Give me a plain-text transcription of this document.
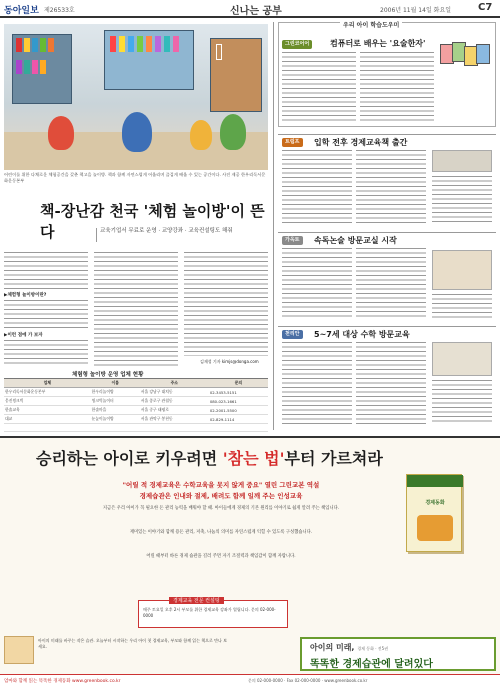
동아일보 제26533호	신나는 공부	2006년 11월 14일 화요일	C7
어린이를 위한 다채로운 체험공간을 갖춘 책고을 놀이방. 책과 함께 자연스럽게 어울리며 즐겁게 배울 수 있는 공간이다. 사진 제공 한우리독서문화운동본부
책-장난감 천국 '체험 놀이방'이 뜬다	교육기업서 무료로 운영 · 교양강좌 · 교육컨설팅도 해줘
▶체험형 놀이방이란?
▶이런 점에 가 보자
김재성 기자 kimjs@donga.com
체험형 놀이방 운영 업체 현황
업체	이름	주소	문의
한우리독서문화운동본부	한우리놀이방	서울 강남구 대치동	02-3453-5151
웅진씽크빅	씽크빅놀이터	서울 종로구 관철동	080-023-1661
한솔교육	한솔마을	서울 중구 태평로	02-2001-5500
대교	눈높이놀이방	서울 관악구 봉천동	02-829-1114

우리 아이 학습도우미
그린코어어	컴퓨터로 배우는 '요술한자'
트럼프	입학 전후 경제교육책 출간
가옥토	속독논술 방문교실 시작
천리안	5~7세 대상 수학 방문교육
승리하는 아이로 키우려면 '참는 법'부터 가르쳐라
"어릴 적 경제교육은 수학교육을 못지 않게 중요" 열린 그린교본 역설
경제습관은 인내와 절제, 배려도 함께 일깨 주는 인성교육
지금은 우리 아이가 꼭 필요한 돈 관리 능력을 배워야 할 때. 아이들에게 경제의 기본 원리를 이야기로 쉽게 알려 주는 책입니다.
재미있는 이야기와 함께 용돈 관리, 저축, 나눔의 의미를 자연스럽게 익힐 수 있도록 구성했습니다.
어릴 때부터 바른 경제 습관을 길러 주면 자기 조절력과 책임감이 함께 자랍니다.
경제동화
경제교육 전문 컨설팅
매주 토요일 오후 2시 부모를 위한 경제교육 강좌가 열립니다. 문의 02-000-0000
아이의 미래를 바꾸는 작은 습관. 오늘부터 시작하는 우리 아이 첫 경제교육, 부모와 함께 읽는 책으로 만나 보세요.	아이의 미래, 경제 동화 · 전5권
똑똑한 경제습관에 달려있다
엄마와 함께 읽는 똑똑한 경제동화 www.greenbook.co.kr	문의 02-000-0000 · Fax 02-000-0000 · www.greenbook.co.kr
